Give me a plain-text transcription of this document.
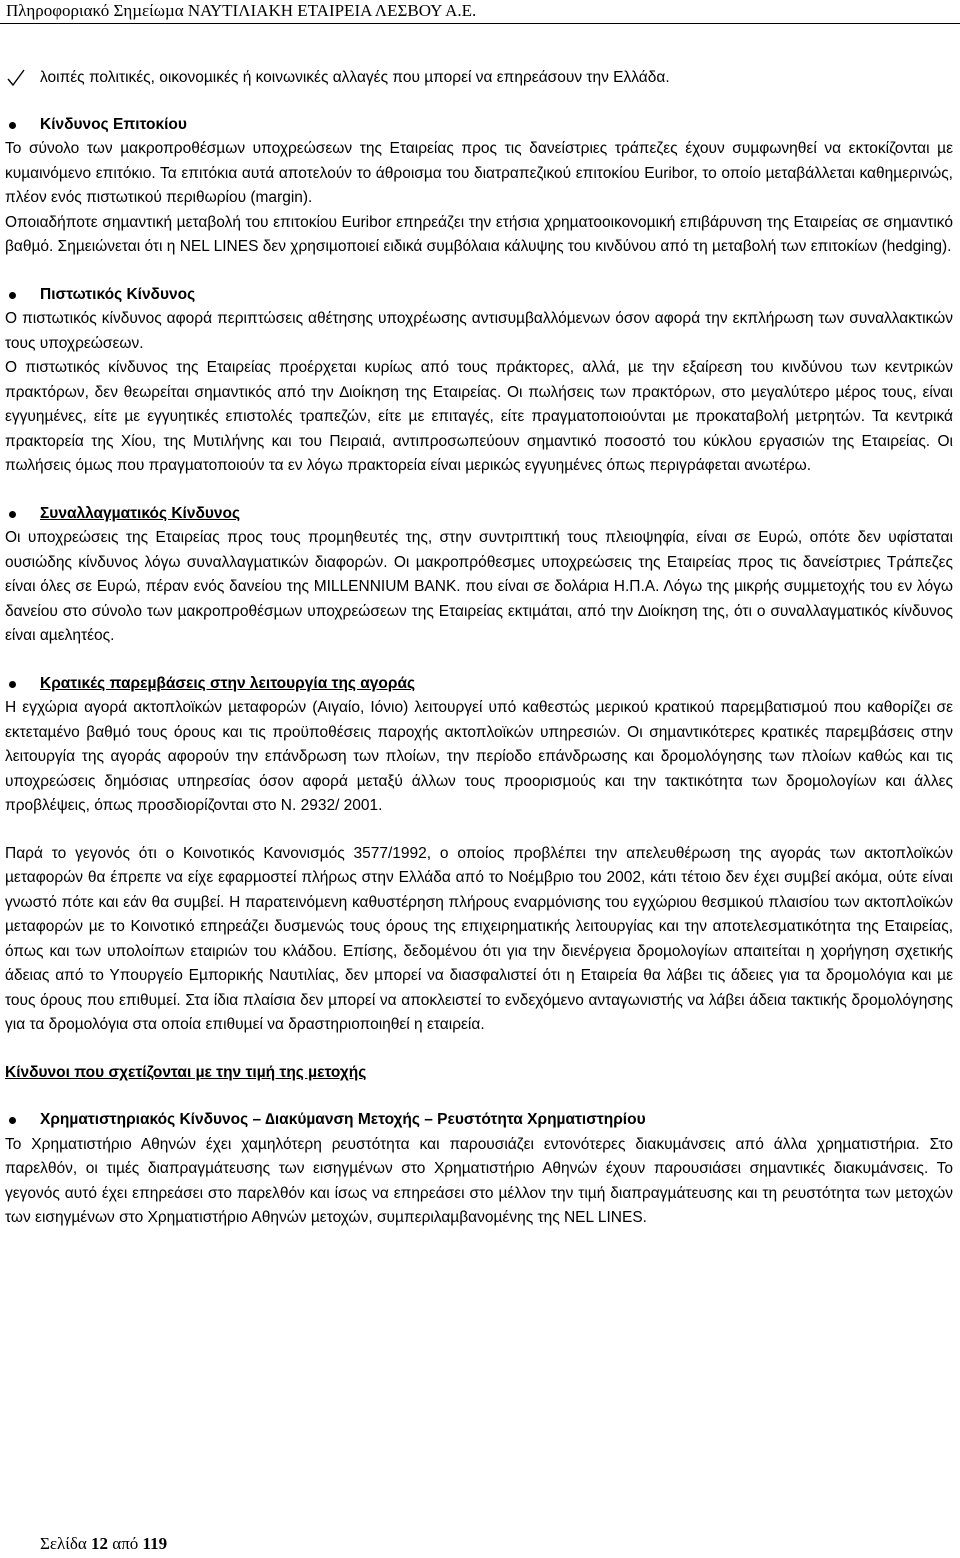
Πληροφοριακό Σηµείωµα ΝΑΥΤΙΛΙΑΚΗ ΕΤΑΙΡΕΙΑ ΛΕΣΒΟΥ Α.Ε.

λοιπές πολιτικές, οικονοµικές ή κοινωνικές αλλαγές που µπορεί να επηρεάσουν την Ελλάδα.

Κίνδυνος Επιτοκίου

Το σύνολο των µακροπροθέσµων υποχρεώσεων της Εταιρείας προς τις δανείστριες τράπεζες έχουν συµφωνηθεί να εκτοκίζονται µε κυµαινόµενο επιτόκιο. Τα επιτόκια αυτά αποτελούν το άθροισµα του διατραπεζικού επιτοκίου Euribor, το οποίο µεταβάλλεται καθηµερινώς, πλέον ενός πιστωτικού περιθωρίου (margin).

Οποιαδήποτε σηµαντική µεταβολή του επιτοκίου Euribor επηρεάζει την ετήσια χρηµατοοικονοµική επιβάρυνση της Εταιρείας σε σηµαντικό βαθµό. Σηµειώνεται ότι η NEL LINES δεν χρησιµοποιεί ειδικά συµβόλαια κάλυψης του κινδύνου από τη µεταβολή των επιτοκίων (hedging).

Πιστωτικός Κίνδυνος

Ο πιστωτικός κίνδυνος αφορά περιπτώσεις αθέτησης υποχρέωσης αντισυµβαλλόµενων όσον αφορά την εκπλήρωση των συναλλακτικών τους υποχρεώσεων.

Ο πιστωτικός κίνδυνος της Εταιρείας προέρχεται κυρίως από τους πράκτορες, αλλά, µε την εξαίρεση του κινδύνου των κεντρικών πρακτόρων, δεν θεωρείται σηµαντικός από την ∆ιοίκηση της Εταιρείας. Οι πωλήσεις των πρακτόρων, στο µεγαλύτερο µέρος τους, είναι εγγυηµένες, είτε µε εγγυητικές επιστολές τραπεζών, είτε µε επιταγές, είτε πραγµατοποιούνται µε προκαταβολή µετρητών. Τα κεντρικά πρακτορεία της Χίου, της Μυτιλήνης και του Πειραιά, αντιπροσωπεύουν σηµαντικό ποσοστό του κύκλου εργασιών της Εταιρείας. Οι πωλήσεις όµως που πραγµατοποιούν τα εν λόγω πρακτορεία είναι µερικώς εγγυηµένες όπως περιγράφεται ανωτέρω.

Συναλλαγµατικός Κίνδυνος

Οι υποχρεώσεις της Εταιρείας προς τους προµηθευτές της, στην συντριπτική τους πλειοψηφία, είναι σε Ευρώ, οπότε δεν υφίσταται ουσιώδης κίνδυνος λόγω συναλλαγµατικών διαφορών. Οι µακροπρόθεσµες υποχρεώσεις της Εταιρείας προς τις δανείστριες Τράπεζες είναι όλες σε Ευρώ, πέραν ενός δανείου της MILLENNIUM BANK. που είναι σε δολάρια Η.Π.Α. Λόγω της µικρής συµµετοχής του εν λόγω δανείου στο σύνολο των µακροπροθέσµων υποχρεώσεων της Εταιρείας εκτιµάται, από την ∆ιοίκηση της, ότι ο συναλλαγµατικός κίνδυνος είναι αµελητέος.

Κρατικές παρεµβάσεις στην λειτουργία της αγοράς

Η εγχώρια αγορά ακτοπλοϊκών µεταφορών (Αιγαίο, Ιόνιο) λειτουργεί υπό καθεστώς µερικού κρατικού παρεµβατισµού που καθορίζει σε εκτεταµένο βαθµό τους όρους και τις προϋποθέσεις παροχής ακτοπλοϊκών υπηρεσιών. Οι σηµαντικότερες κρατικές παρεµβάσεις στην λειτουργία της αγοράς αφορούν την επάνδρωση των πλοίων, την περίοδο επάνδρωσης και δροµολόγησης των πλοίων καθώς και τις υποχρεώσεις δηµόσιας υπηρεσίας όσον αφορά µεταξύ άλλων τους προορισµούς και την τακτικότητα των δροµολογίων και άλλες προβλέψεις, όπως προσδιορίζονται στο Ν. 2932/ 2001.

Παρά το γεγονός ότι ο Κοινοτικός Κανονισµός 3577/1992, ο οποίος προβλέπει την απελευθέρωση της αγοράς των ακτοπλοϊκών µεταφορών θα έπρεπε να είχε εφαρµοστεί πλήρως στην Ελλάδα από το Νοέµβριο του 2002, κάτι τέτοιο δεν έχει συµβεί ακόµα, ούτε είναι γνωστό πότε και εάν θα συµβεί. Η παρατεινόµενη καθυστέρηση πλήρους εναρµόνισης του εγχώριου θεσµικού πλαισίου των ακτοπλοϊκών µεταφορών µε το Κοινοτικό επηρεάζει δυσµενώς τους όρους της επιχειρηµατικής λειτουργίας και την αποτελεσµατικότητα της Εταιρείας, όπως και των υπολοίπων εταιριών του κλάδου. Επίσης, δεδοµένου ότι για την διενέργεια δροµολογίων απαιτείται η χορήγηση σχετικής άδειας από το Υπουργείο Εµπορικής Ναυτιλίας, δεν µπορεί να διασφαλιστεί ότι η Εταιρεία θα λάβει τις άδειες για τα δροµολόγια και µε τους όρους που επιθυµεί. Στα ίδια πλαίσια δεν µπορεί να αποκλειστεί το ενδεχόµενο ανταγωνιστής να λάβει άδεια τακτικής δροµολόγησης για τα δροµολόγια στα οποία επιθυµεί να δραστηριοποιηθεί η εταιρεία.

Κίνδυνοι που σχετίζονται µε την τιµή της µετοχής

Χρηµατιστηριακός Κίνδυνος – ∆ιακύµανση Μετοχής – Ρευστότητα Χρηµατιστηρίου

Το Χρηµατιστήριο Αθηνών έχει χαµηλότερη ρευστότητα και παρουσιάζει εντονότερες διακυµάνσεις από άλλα χρηµατιστήρια. Στο παρελθόν, οι τιµές διαπραγµάτευσης των εισηγµένων στο Χρηµατιστήριο Αθηνών έχουν παρουσιάσει σηµαντικές διακυµάνσεις. Το γεγονός αυτό έχει επηρεάσει στο παρελθόν και ίσως να επηρεάσει στο µέλλον την τιµή διαπραγµάτευσης και τη ρευστότητα των µετοχών των εισηγµένων στο Χρηµατιστήριο Αθηνών µετοχών, συµπεριλαµβανοµένης της NEL LINES.

Σελίδα 12 από 119
